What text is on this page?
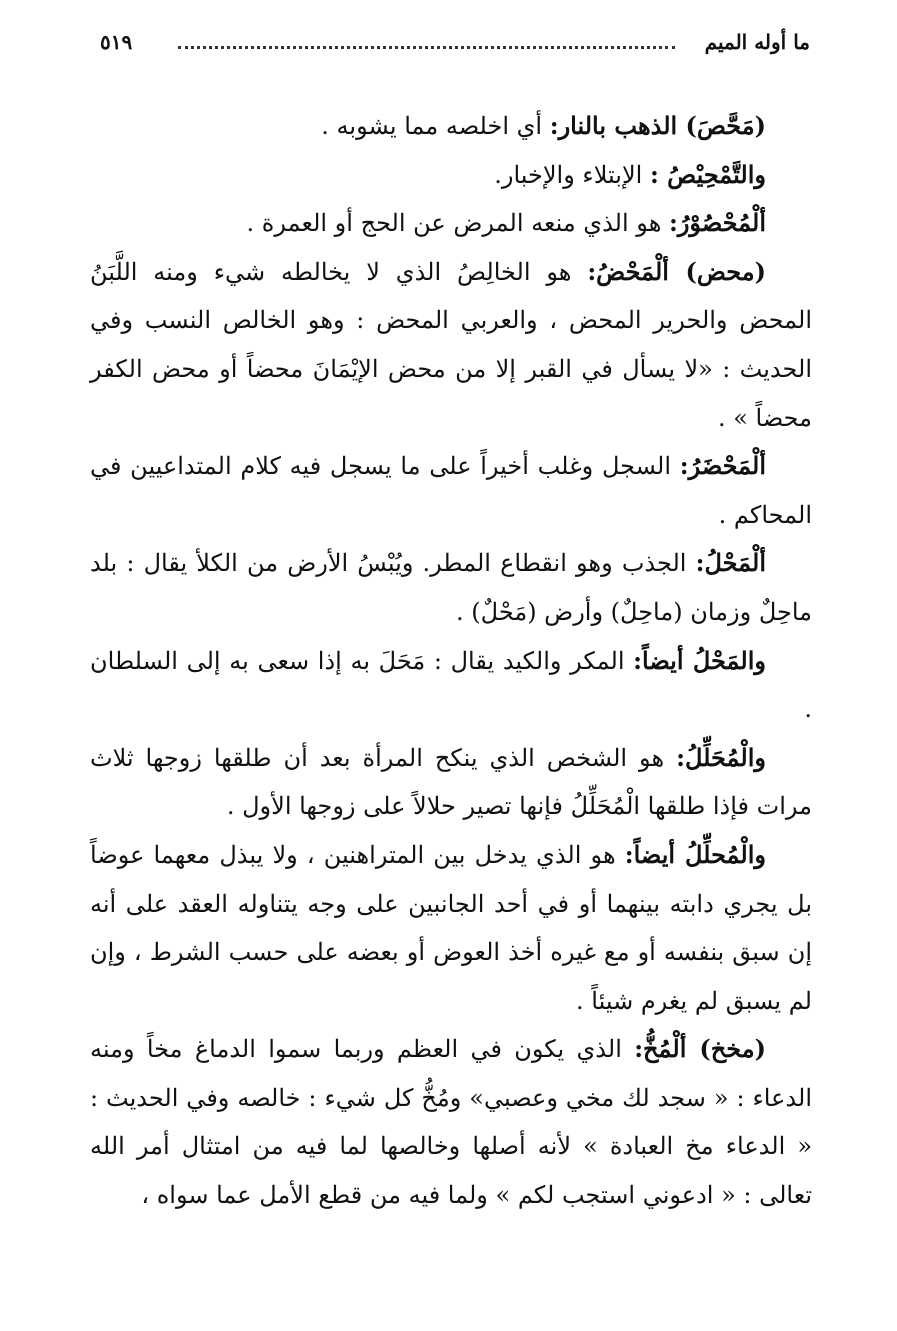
ما أوله الميم
٥١٩

(مَحَّصَ) الذهب بالنار: أي اخلصه مما يشوبه .

والتَّمْحِيْصُ : الإبتلاء والإخبار.

ألْمُحْصُوْرُ: هو الذي منعه المرض عن الحج أو العمرة .

(محض) ألْمَحْضُ: هو الخالِصُ الذي لا يخالطه شيء ومنه اللَّبَنُ المحض والحرير المحض ، والعربي المحض : وهو الخالص النسب وفي الحديث : «لا يسأل في القبر إلا من محض الإيْمَانَ محضاً أو محض الكفر محضاً » .

ألْمَحْضَرُ: السجل وغلب أخيراً على ما يسجل فيه كلام المتداعيين في المحاكم .

ألْمَحْلُ: الجذب وهو انقطاع المطر. ويُبْسُ الأرض من الكلأ يقال : بلد ماحِلٌ وزمان (ماحِلٌ) وأرض (مَحْلٌ) .

والمَحْلُ أيضاً: المكر والكيد يقال : مَحَلَ به إذا سعى به إلى السلطان .

والْمُحَلِّلُ: هو الشخص الذي ينكح المرأة بعد أن طلقها زوجها ثلاث مرات فإذا طلقها الْمُحَلِّلُ فإنها تصير حلالاً على زوجها الأول .

والْمُحلِّلُ أيضاً: هو الذي يدخل بين المتراهنين ، ولا يبذل معهما عوضاً بل يجري دابته بينهما أو في أحد الجانبين على وجه يتناوله العقد على أنه إن سبق بنفسه أو مع غيره أخذ العوض أو بعضه على حسب الشرط ، وإن لم يسبق لم يغرم شيئاً .

(مخخ) ألْمُخُّ: الذي يكون في العظم وربما سموا الدماغ مخاً ومنه الدعاء : « سجد لك مخي وعصبي» ومُخُّ كل شيء : خالصه وفي الحديث : « الدعاء مخ العبادة » لأنه أصلها وخالصها لما فيه من امتثال أمر الله تعالى : « ادعوني استجب لكم » ولما فيه من قطع الأمل عما سواه ،
